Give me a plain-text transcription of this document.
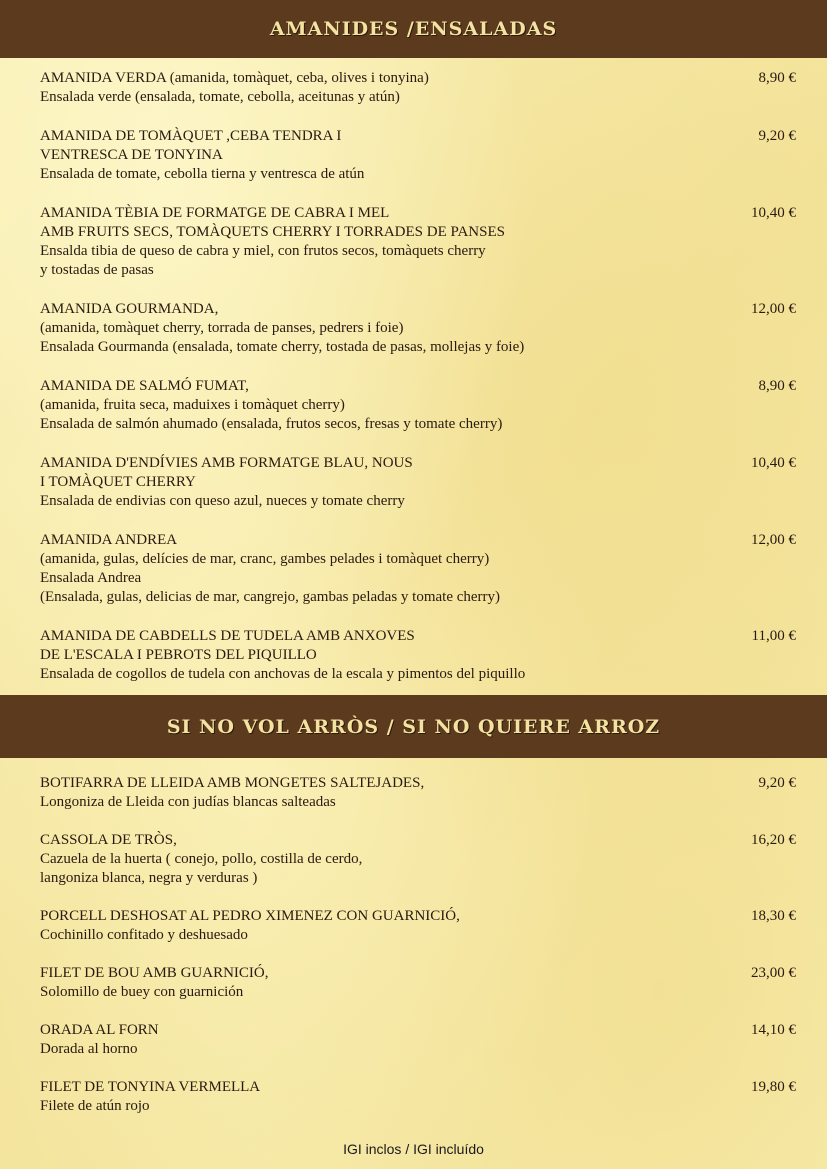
AMANIDES /ENSALADAS
AMANIDA VERDA (amanida, tomàquet, ceba, olives i tonyina)	8,90 €
Ensalada verde (ensalada, tomate, cebolla, aceitunas y atún)
AMANIDA DE TOMÀQUET ,CEBA TENDRA I	9,20 €
VENTRESCA DE TONYINA
Ensalada de tomate, cebolla tierna y ventresca de atún
AMANIDA TÈBIA DE FORMATGE DE CABRA I MEL	10,40 €
AMB FRUITS SECS, TOMÀQUETS CHERRY I TORRADES DE PANSES
Ensalda tibia de queso de cabra y miel, con frutos secos, tomàquets cherry
y tostadas de pasas
AMANIDA GOURMANDA,	12,00 €
(amanida, tomàquet cherry, torrada de panses, pedrers i foie)
Ensalada Gourmanda (ensalada, tomate cherry, tostada de pasas, mollejas y foie)
AMANIDA DE SALMÓ FUMAT,	8,90 €
(amanida, fruita seca, maduixes i tomàquet cherry)
Ensalada de salmón ahumado (ensalada, frutos secos, fresas y tomate cherry)
AMANIDA D'ENDÍVIES AMB FORMATGE BLAU, NOUS	10,40 €
I TOMÀQUET CHERRY
Ensalada de endivias con queso azul, nueces y tomate cherry
AMANIDA ANDREA	12,00 €
(amanida, gulas, delícies de mar, cranc, gambes pelades i tomàquet cherry)
Ensalada Andrea
(Ensalada, gulas, delicias de mar, cangrejo, gambas peladas y tomate cherry)
AMANIDA DE CABDELLS DE TUDELA AMB ANXOVES	11,00 €
DE L'ESCALA I PEBROTS DEL PIQUILLO
Ensalada de cogollos de tudela con anchovas de la escala y pimentos del piquillo
SI NO VOL ARRÒS / SI NO QUIERE ARROZ
BOTIFARRA DE LLEIDA AMB MONGETES SALTEJADES,	9,20 €
Longoniza de Lleida con judías blancas salteadas
CASSOLA DE TRÒS,	16,20 €
Cazuela de la huerta ( conejo, pollo, costilla de cerdo,
langoniza blanca, negra y verduras )
PORCELL DESHOSAT AL PEDRO XIMENEZ CON GUARNICIÓ,	18,30 €
Cochinillo confitado y deshuesado
FILET DE BOU AMB GUARNICIÓ,	23,00 €
Solomillo de buey con guarnición
ORADA AL FORN	14,10 €
Dorada al horno
FILET DE TONYINA VERMELLA	19,80 €
Filete de atún rojo
IGI inclos / IGI incluído
